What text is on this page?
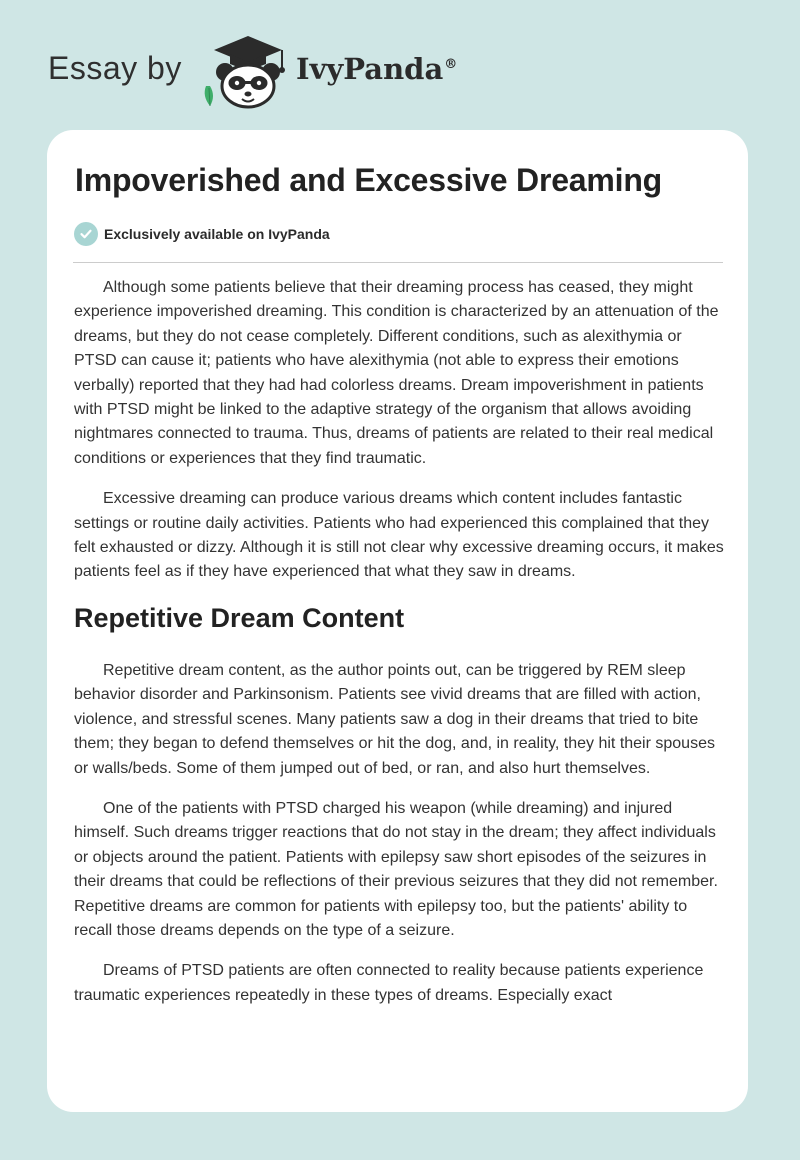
Essay by	IvyPanda®
Impoverished and Excessive Dreaming
Exclusively available on IvyPanda

Although some patients believe that their dreaming process has ceased, they might experience impoverished dreaming. This condition is characterized by an attenuation of the dreams, but they do not cease completely. Different conditions, such as alexithymia or PTSD can cause it; patients who have alexithymia (not able to express their emotions verbally) reported that they had had colorless dreams. Dream impoverishment in patients with PTSD might be linked to the adaptive strategy of the organism that allows avoiding nightmares connected to trauma. Thus, dreams of patients are related to their real medical conditions or experiences that they find traumatic.

Excessive dreaming can produce various dreams which content includes fantastic settings or routine daily activities. Patients who had experienced this complained that they felt exhausted or dizzy. Although it is still not clear why excessive dreaming occurs, it makes patients feel as if they have experienced that what they saw in dreams.

Repetitive Dream Content

Repetitive dream content, as the author points out, can be triggered by REM sleep behavior disorder and Parkinsonism. Patients see vivid dreams that are filled with action, violence, and stressful scenes. Many patients saw a dog in their dreams that tried to bite them; they began to defend themselves or hit the dog, and, in reality, they hit their spouses or walls/beds. Some of them jumped out of bed, or ran, and also hurt themselves.

One of the patients with PTSD charged his weapon (while dreaming) and injured himself. Such dreams trigger reactions that do not stay in the dream; they affect individuals or objects around the patient. Patients with epilepsy saw short episodes of the seizures in their dreams that could be reflections of their previous seizures that they did not remember. Repetitive dreams are common for patients with epilepsy too, but the patients' ability to recall those dreams depends on the type of a seizure.

Dreams of PTSD patients are often connected to reality because patients experience traumatic experiences repeatedly in these types of dreams. Especially exact
